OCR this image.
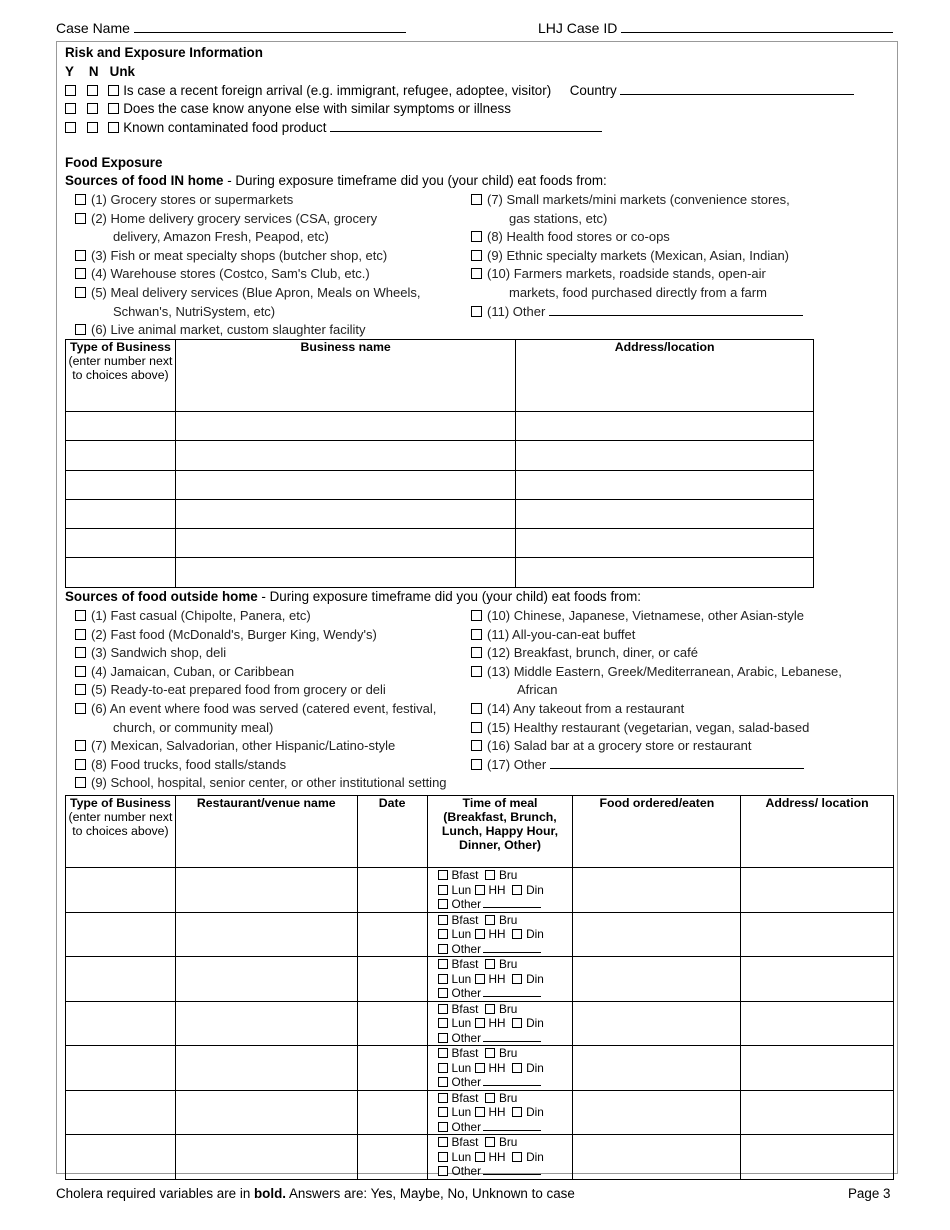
Case Name	LHJ Case ID
Risk and Exposure Information
Y N Unk
Is case a recent foreign arrival (e.g. immigrant, refugee, adoptee, visitor) Country
Does the case know anyone else with similar symptoms or illness
Known contaminated food product
Food Exposure
Sources of food IN home - During exposure timeframe did you (your child) eat foods from:
(1) Grocery stores or supermarkets
(2) Home delivery grocery services (CSA, grocery
delivery, Amazon Fresh, Peapod, etc)
(3) Fish or meat specialty shops (butcher shop, etc)
(4) Warehouse stores (Costco, Sam's Club, etc.)
(5) Meal delivery services (Blue Apron, Meals on Wheels,
Schwan's, NutriSystem, etc)
(6) Live animal market, custom slaughter facility
(7) Small markets/mini markets (convenience stores,
gas stations, etc)
(8) Health food stores or co-ops
(9) Ethnic specialty markets (Mexican, Asian, Indian)
(10) Farmers markets, roadside stands, open-air
markets, food purchased directly from a farm
(11) Other
Type of Business
(enter number next to choices above)	Business name	Address/location

Sources of food outside home - During exposure timeframe did you (your child) eat foods from:
(1) Fast casual (Chipolte, Panera, etc)
(2) Fast food (McDonald's, Burger King, Wendy's)
(3) Sandwich shop, deli
(4) Jamaican, Cuban, or Caribbean
(5) Ready-to-eat prepared food from grocery or deli
(6) An event where food was served (catered event, festival,
church, or community meal)
(7) Mexican, Salvadorian, other Hispanic/Latino-style
(8) Food trucks, food stalls/stands
(9) School, hospital, senior center, or other institutional setting
(10) Chinese, Japanese, Vietnamese, other Asian-style
(11) All-you-can-eat buffet
(12) Breakfast, brunch, diner, or café
(13) Middle Eastern, Greek/Mediterranean, Arabic, Lebanese,
African
(14) Any takeout from a restaurant
(15) Healthy restaurant (vegetarian, vegan, salad-based
(16) Salad bar at a grocery store or restaurant
(17) Other
Type of Business
(enter number next to choices above)	Restaurant/venue name	Date	Time of meal (Breakfast, Brunch, Lunch, Happy Hour, Dinner, Other)	Food ordered/eaten	Address/ location

			Bfast Bru
Lun HH Din
Other		

			Bfast Bru
Lun HH Din
Other		

			Bfast Bru
Lun HH Din
Other		

			Bfast Bru
Lun HH Din
Other		

			Bfast Bru
Lun HH Din
Other		

			Bfast Bru
Lun HH Din
Other		

			Bfast Bru
Lun HH Din
Other		

Cholera required variables are in bold. Answers are: Yes, Maybe, No, Unknown to case	Page 3
